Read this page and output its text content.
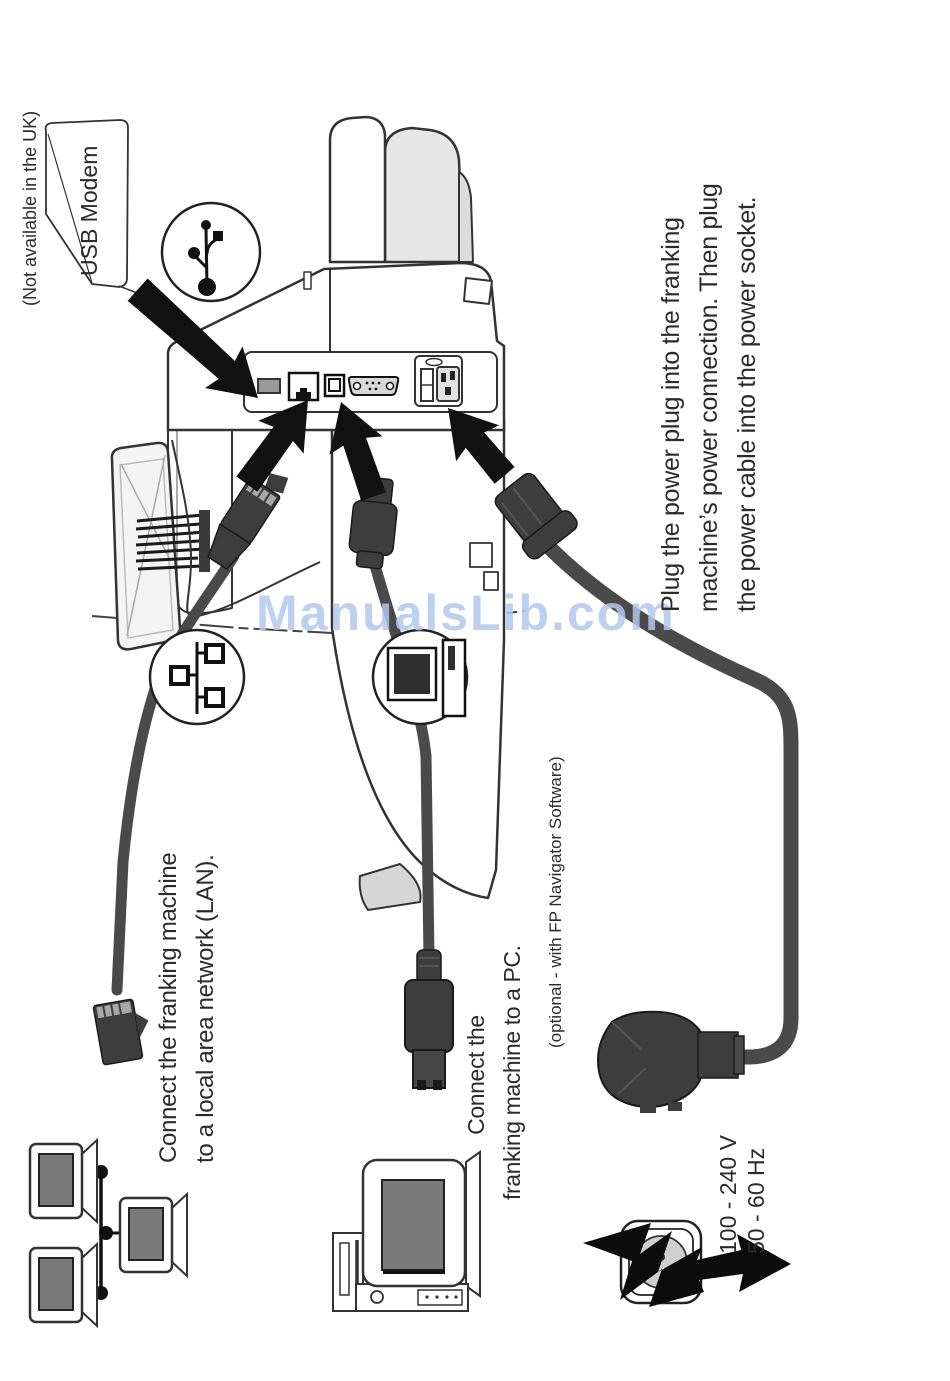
ManualsLib.com
(Not available in the UK) USB Modem
Plug the power plug into the franking machine’s power connection. Then plug the power cable into the power socket.
Connect the franking machine to a local area network (LAN).	Connect the franking machine to a PC.
(optional - with FP Navigator Software)
100 - 240 V 50 - 60 Hz
